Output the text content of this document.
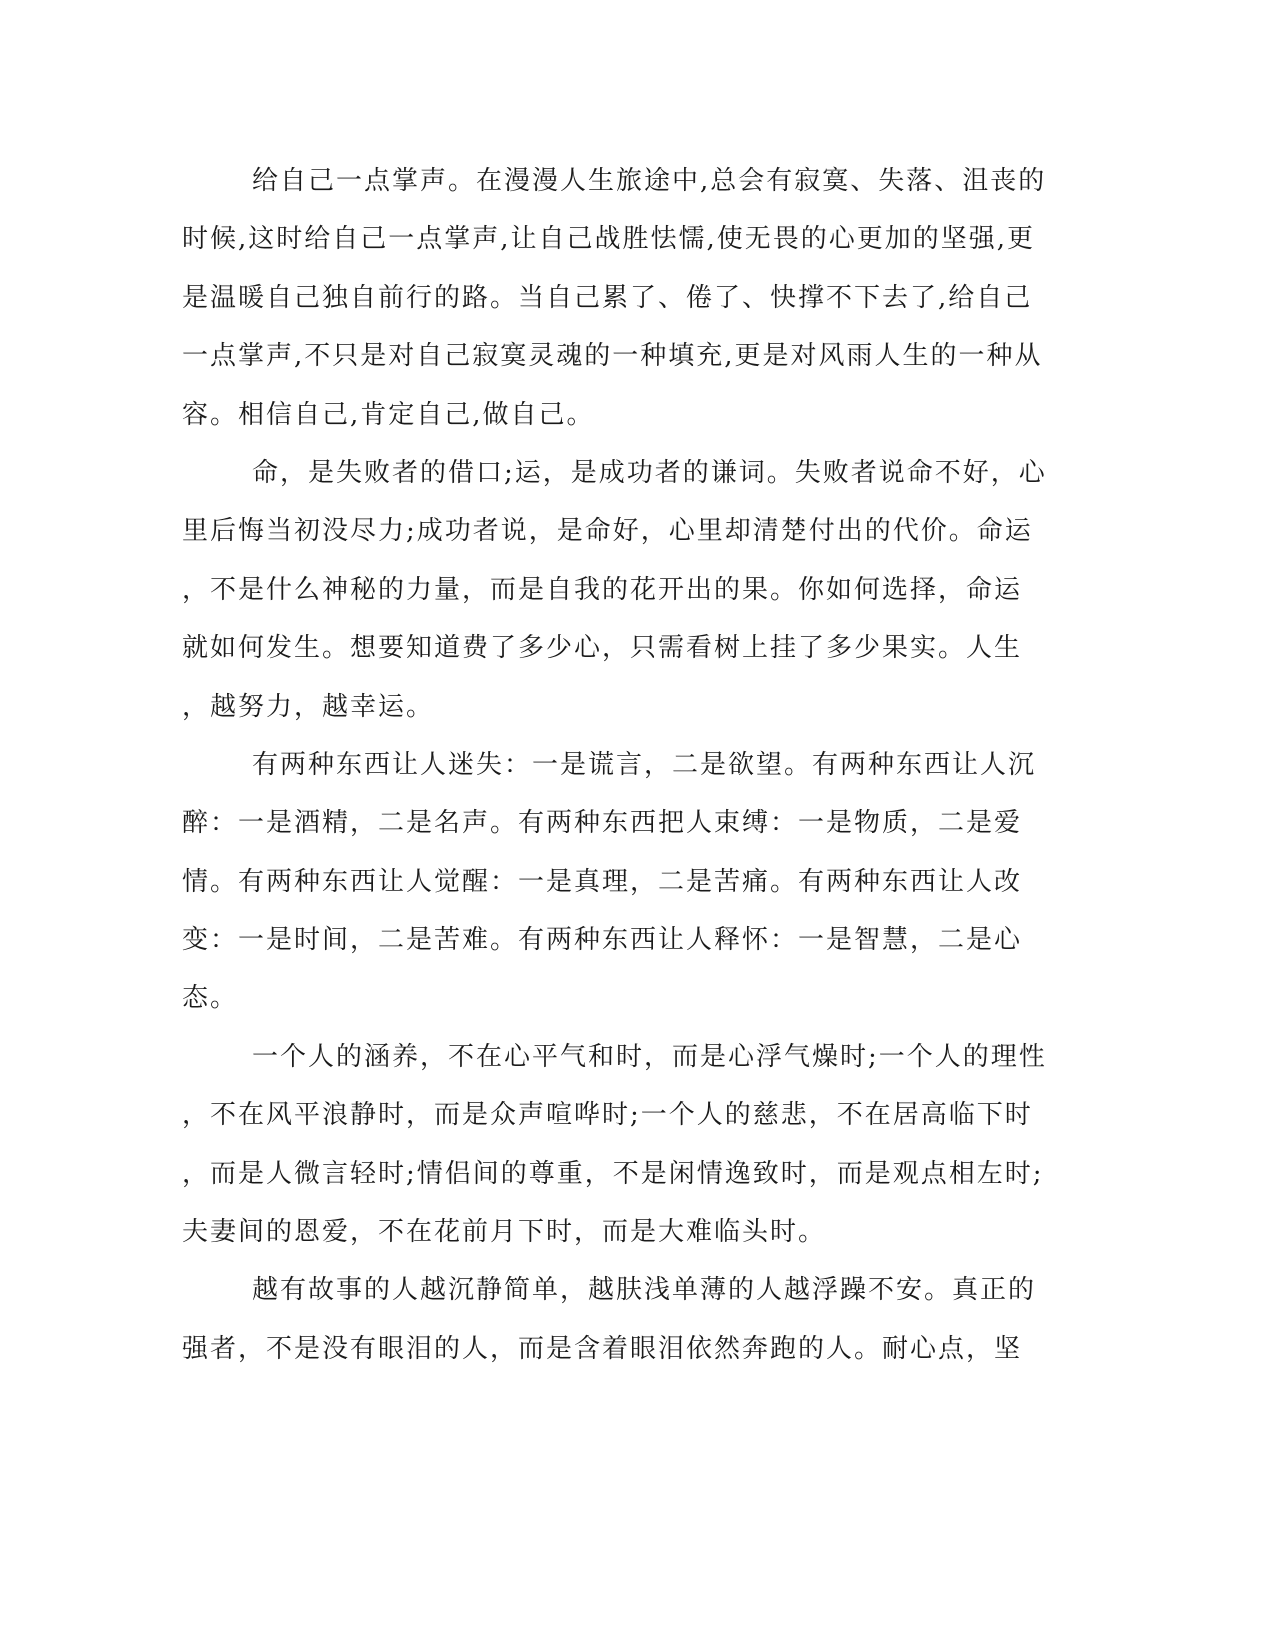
给自己一点掌声。在漫漫人生旅途中,总会有寂寞、失落、沮丧的
时候,这时给自己一点掌声,让自己战胜怯懦,使无畏的心更加的坚强,更
是温暖自己独自前行的路。当自己累了、倦了、快撑不下去了,给自己
一点掌声,不只是对自己寂寞灵魂的一种填充,更是对风雨人生的一种从
容。相信自己,肯定自己,做自己。
命，是失败者的借口;运，是成功者的谦词。失败者说命不好，心
里后悔当初没尽力;成功者说，是命好，心里却清楚付出的代价。命运
，不是什么神秘的力量，而是自我的花开出的果。你如何选择，命运
就如何发生。想要知道费了多少心，只需看树上挂了多少果实。人生
，越努力，越幸运。
有两种东西让人迷失：一是谎言，二是欲望。有两种东西让人沉
醉：一是酒精，二是名声。有两种东西把人束缚：一是物质，二是爱
情。有两种东西让人觉醒：一是真理，二是苦痛。有两种东西让人改
变：一是时间，二是苦难。有两种东西让人释怀：一是智慧，二是心
态。
一个人的涵养，不在心平气和时，而是心浮气燥时;一个人的理性
，不在风平浪静时，而是众声喧哗时;一个人的慈悲，不在居高临下时
，而是人微言轻时;情侣间的尊重，不是闲情逸致时，而是观点相左时;
夫妻间的恩爱，不在花前月下时，而是大难临头时。
越有故事的人越沉静简单，越肤浅单薄的人越浮躁不安。真正的
强者，不是没有眼泪的人，而是含着眼泪依然奔跑的人。耐心点，坚
